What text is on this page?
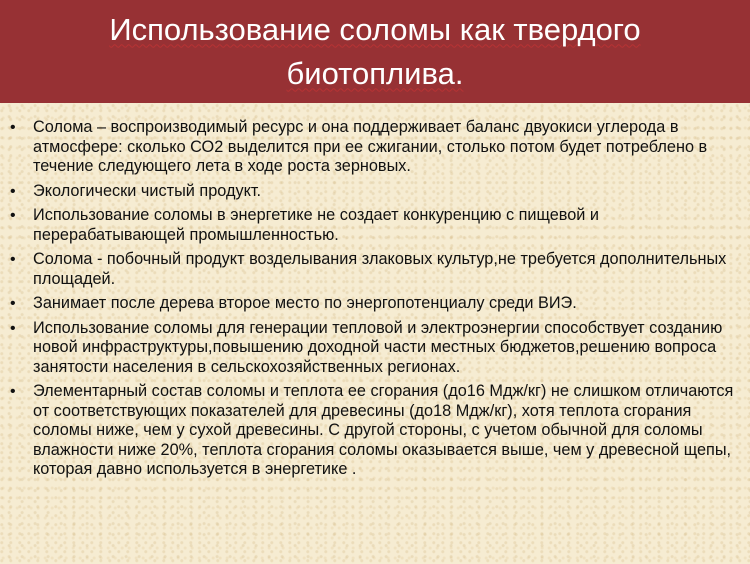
Использование соломы как твердого биотоплива.
• Солома – воспроизводимый ресурс и она поддерживает баланс двуокиси углерода в атмосфере: сколько СО2 выделится при ее сжигании, столько потом будет потреблено в течение следующего лета в ходе роста зерновых.
• Экологически чистый продукт.
• Использование соломы в энергетике не создает конкуренцию с пищевой и перерабатывающей промышленностью.
• Солома - побочный продукт возделывания злаковых культур,не требуется дополнительных площадей.
• Занимает после дерева второе место по энергопотенциалу среди ВИЭ.
• Использование соломы для генерации тепловой и электроэнергии способствует созданию новой инфраструктуры,повышению доходной части местных бюджетов,решению вопроса занятости населения в сельскохозяйственных регионах.
• Элементарный состав соломы и теплота ее сгорания (до16 Мдж/кг) не слишком отличаются от соответствующих показателей для древесины (до18 Мдж/кг), хотя теплота сгорания соломы ниже, чем у сухой древесины. С другой стороны, с учетом обычной для соломы влажности ниже 20%, теплота сгорания соломы оказывается выше, чем у древесной щепы, которая давно используется в энергетике .
